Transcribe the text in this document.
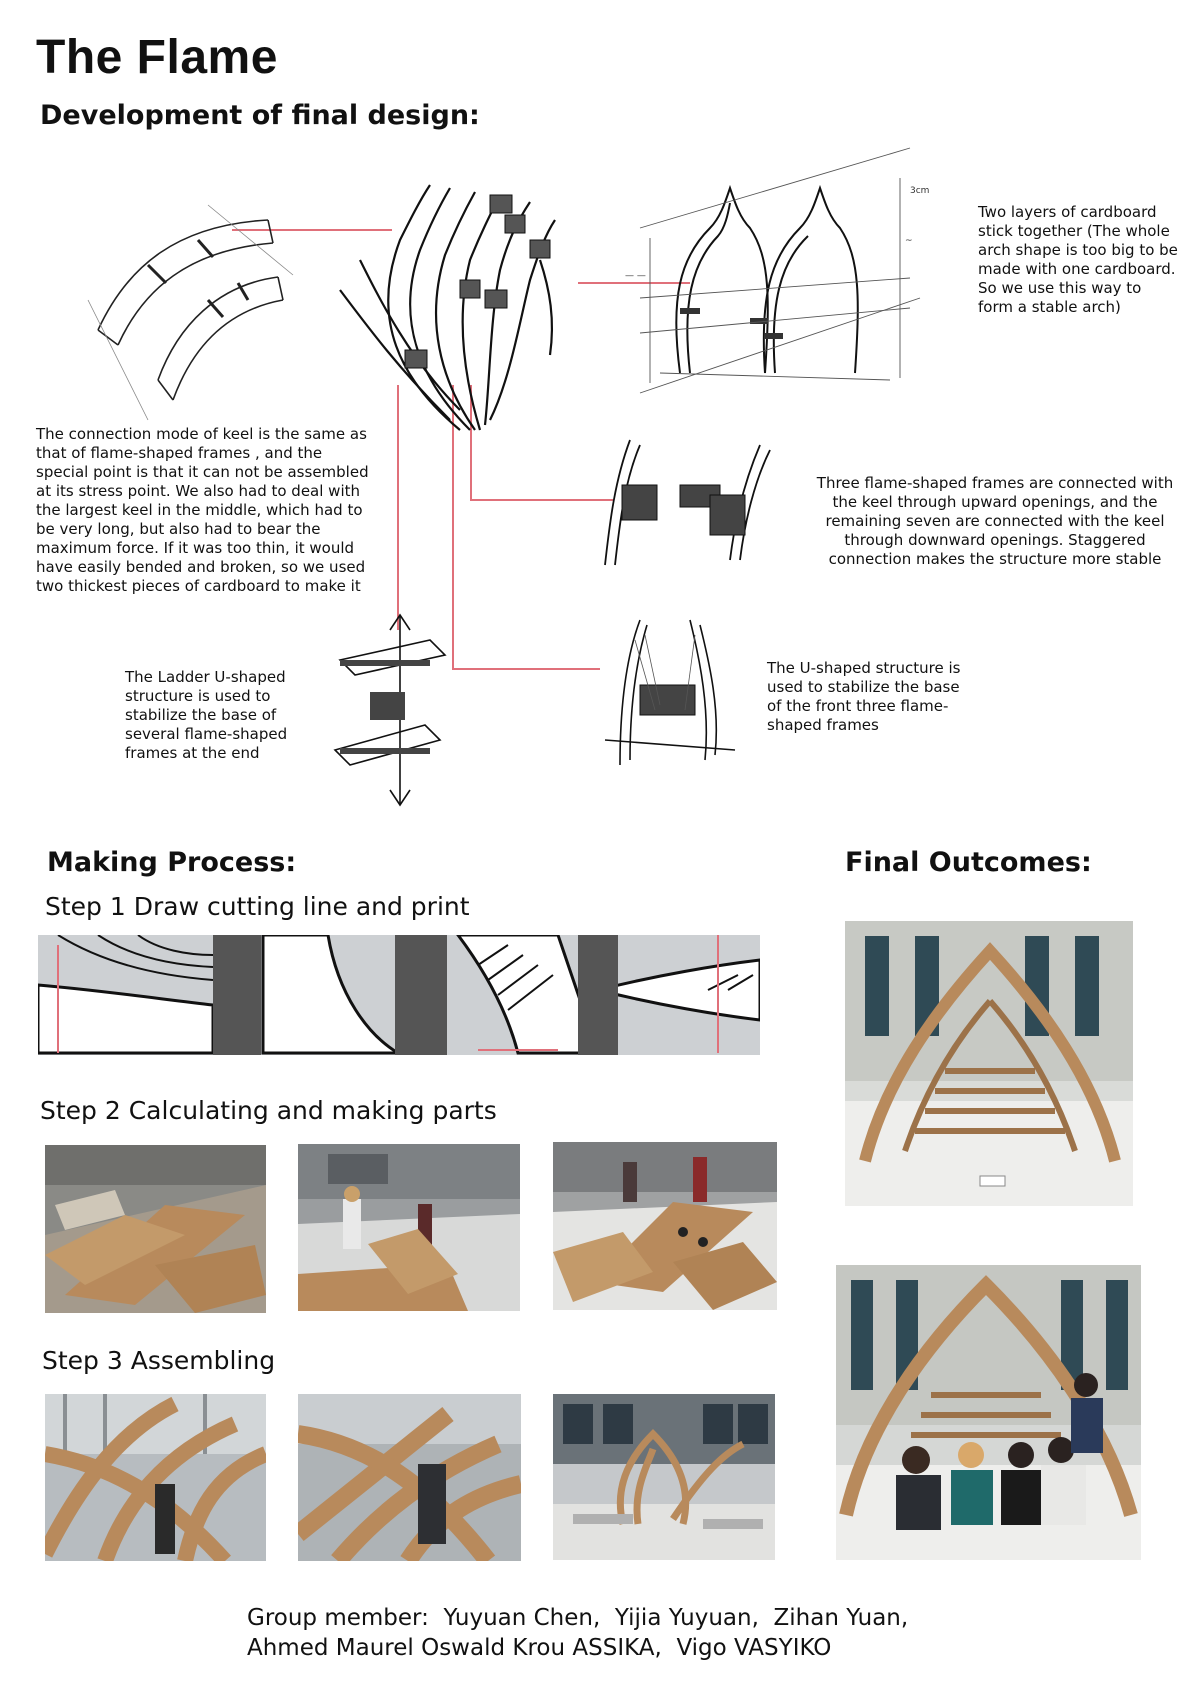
The Flame
Development of final design:
3cm
~
— —
Two layers of cardboard stick together (The whole arch shape is too big to be made with one cardboard. So we use this way to form a stable arch)
The connection mode of keel is the same as that of flame-shaped frames , and the special point is that it can not be assembled at its stress point. We also had to deal with the largest keel in the middle, which had to be very long, but also had to bear the maximum force. If it was too thin, it would have easily bended and broken, so we used two thickest pieces of cardboard to make it
Three flame-shaped frames are connected with the keel through upward openings, and the remaining seven are connected with the keel through downward openings. Staggered connection makes the structure more stable
The Ladder U-shaped structure is used to stabilize the base of several flame-shaped frames at the end
The U-shaped structure is used to stabilize the base of the front three flame-shaped frames
Making Process:	Final Outcomes:
Step 1 Draw cutting line and print
Step 2 Calculating and making parts
Step 3 Assembling
Group member:  Yuyuan Chen,  Yijia Yuyuan,  Zihan Yuan,
Ahmed Maurel Oswald Krou ASSIKA,  Vigo VASYIKO
